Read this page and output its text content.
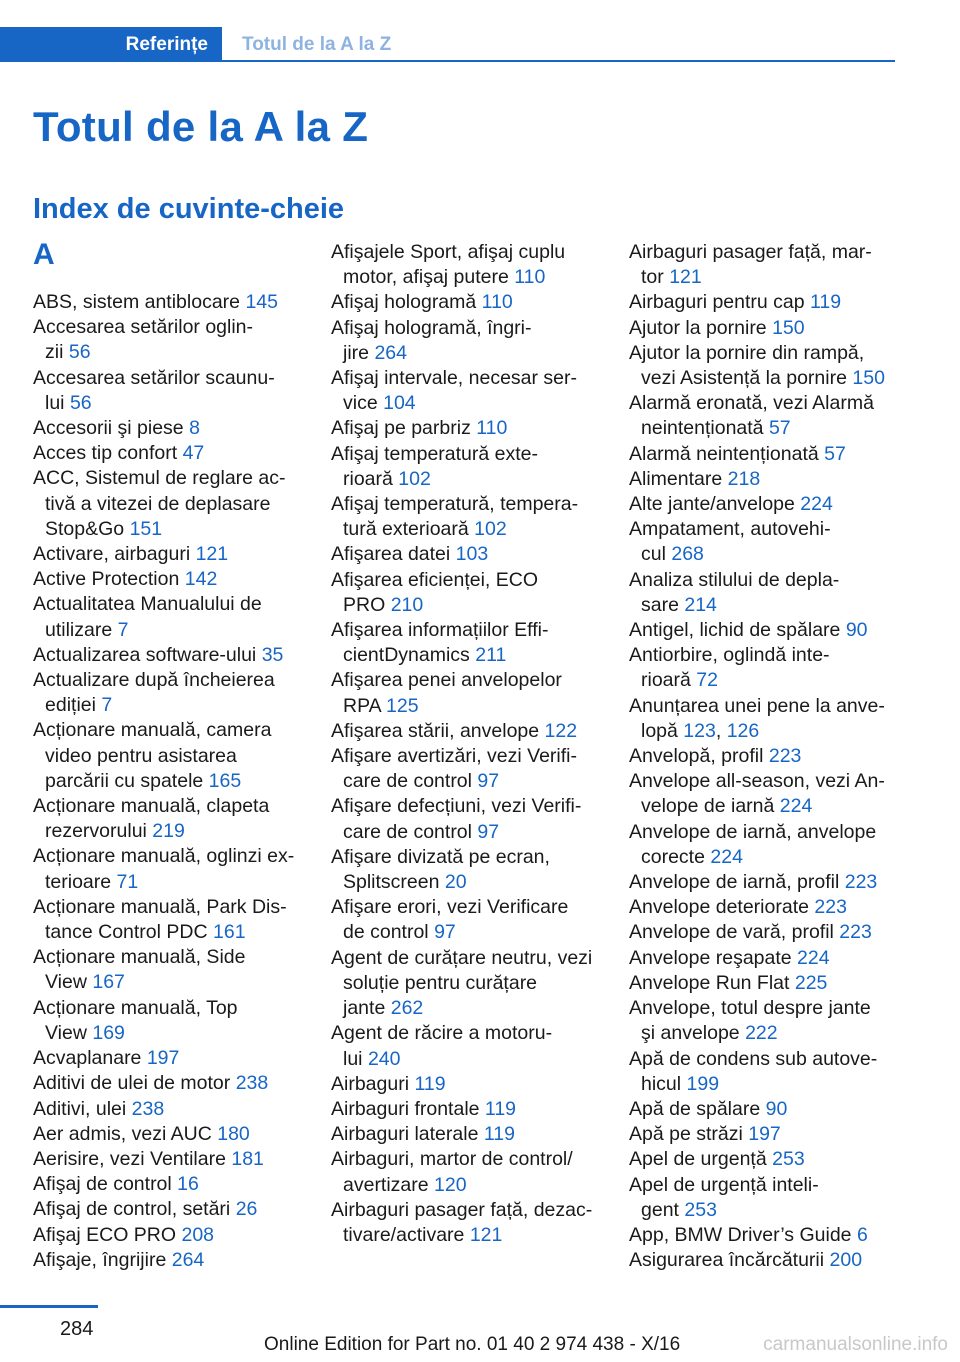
Referințe	Totul de la A la Z
Totul de la A la Z
Index de cuvinte-cheie
A
ABS, sistem antiblocare 145
Accesarea setărilor oglin-
zii 56
Accesarea setărilor scaunu-
lui 56
Accesorii şi piese 8
Acces tip confort 47
ACC, Sistemul de reglare ac-
tivă a vitezei de deplasare
Stop&Go 151
Activare, airbaguri 121
Active Protection 142
Actualitatea Manualului de
utilizare 7
Actualizarea software-ului 35
Actualizare după încheierea
ediției 7
Acționare manuală, camera
video pentru asistarea
parcării cu spatele 165
Acționare manuală, clapeta
rezervorului 219
Acționare manuală, oglinzi ex-
terioare 71
Acționare manuală, Park Dis-
tance Control PDC 161
Acționare manuală, Side
View 167
Acționare manuală, Top
View 169
Acvaplanare 197
Aditivi de ulei de motor 238
Aditivi, ulei 238
Aer admis, vezi AUC 180
Aerisire, vezi Ventilare 181
Afişaj de control 16
Afişaj de control, setări 26
Afişaj ECO PRO 208
Afişaje, îngrijire 264
Afişajele Sport, afişaj cuplu
motor, afişaj putere 110
Afişaj hologramă 110
Afişaj hologramă, îngri-
jire 264
Afişaj intervale, necesar ser-
vice 104
Afişaj pe parbriz 110
Afişaj temperatură exte-
rioară 102
Afişaj temperatură, tempera-
tură exterioară 102
Afişarea datei 103
Afişarea eficienței, ECO
PRO 210
Afişarea informațiilor Effi-
cientDynamics 211
Afişarea penei anvelopelor
RPA 125
Afişarea stării, anvelope 122
Afişare avertizări, vezi Verifi-
care de control 97
Afişare defecțiuni, vezi Verifi-
care de control 97
Afişare divizată pe ecran,
Splitscreen 20
Afişare erori, vezi Verificare
de control 97
Agent de curățare neutru, vezi
soluție pentru curățare
jante 262
Agent de răcire a motoru-
lui 240
Airbaguri 119
Airbaguri frontale 119
Airbaguri laterale 119
Airbaguri, martor de control/
avertizare 120
Airbaguri pasager față, dezac-
tivare/activare 121
Airbaguri pasager față, mar-
tor 121
Airbaguri pentru cap 119
Ajutor la pornire 150
Ajutor la pornire din rampă,
vezi Asistență la pornire 150
Alarmă eronată, vezi Alarmă
neintenționată 57
Alarmă neintenționată 57
Alimentare 218
Alte jante/anvelope 224
Ampatament, autovehi-
cul 268
Analiza stilului de depla-
sare 214
Antigel, lichid de spălare 90
Antiorbire, oglindă inte-
rioară 72
Anunțarea unei pene la anve-
lopă 123, 126
Anvelopă, profil 223
Anvelope all-season, vezi An-
velope de iarnă 224
Anvelope de iarnă, anvelope
corecte 224
Anvelope de iarnă, profil 223
Anvelope deteriorate 223
Anvelope de vară, profil 223
Anvelope reşapate 224
Anvelope Run Flat 225
Anvelope, totul despre jante
şi anvelope 222
Apă de condens sub autove-
hicul 199
Apă de spălare 90
Apă pe străzi 197
Apel de urgență 253
Apel de urgență inteli-
gent 253
App, BMW Driver’s Guide 6
Asigurarea încărcăturii 200
284
Online Edition for Part no. 01 40 2 974 438 - X/16	carmanualsonline.info
